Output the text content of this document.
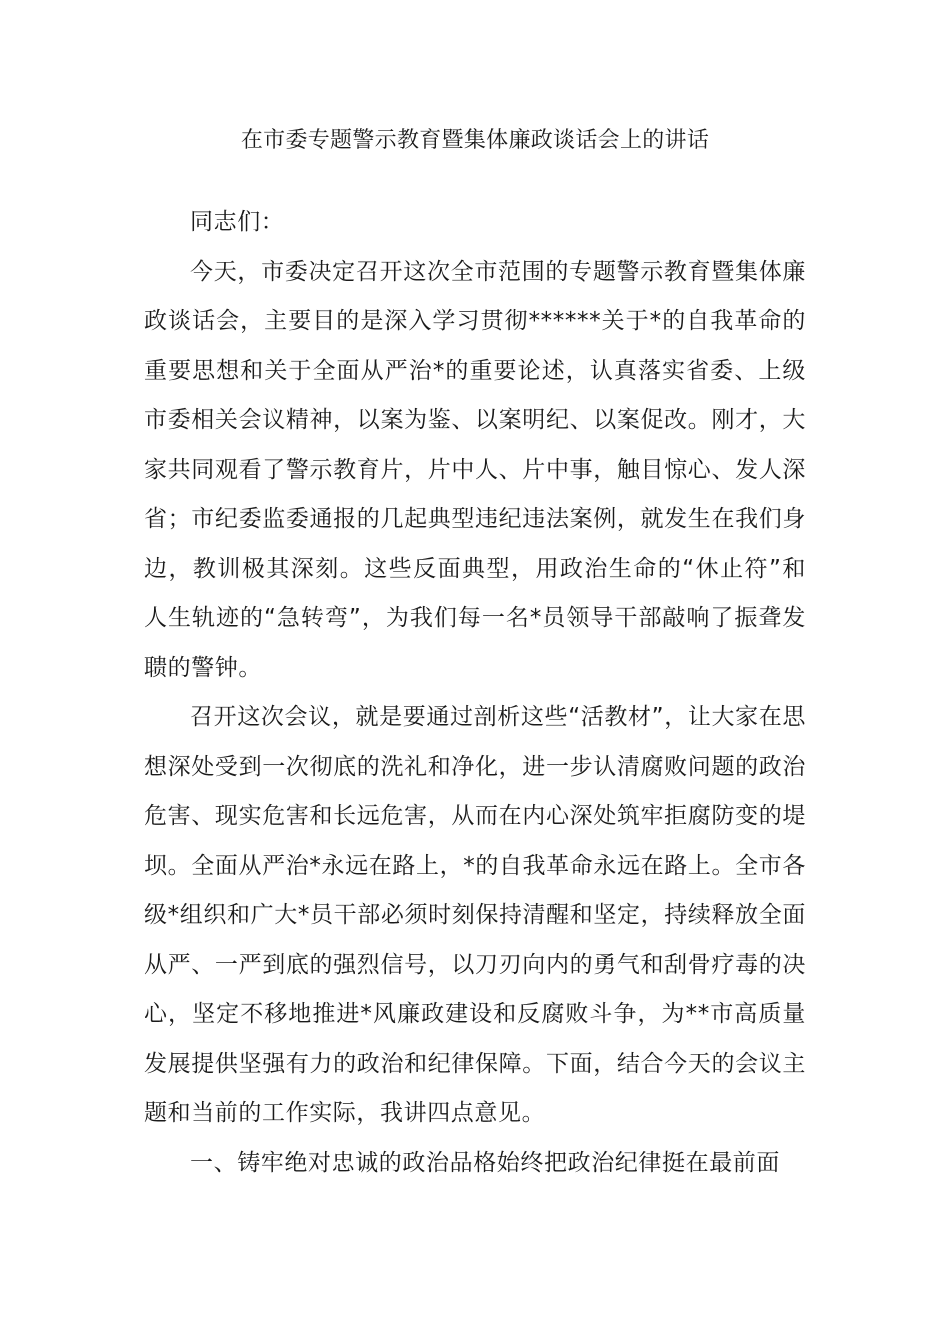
在市委专题警示教育暨集体廉政谈话会上的讲话

同志们：

今天，市委决定召开这次全市范围的专题警示教育暨集体廉政谈话会，主要目的是深入学习贯彻******关于*的自我革命的重要思想和关于全面从严治*的重要论述，认真落实省委、上级市委相关会议精神，以案为鉴、以案明纪、以案促改。刚才，大家共同观看了警示教育片，片中人、片中事，触目惊心、发人深省；市纪委监委通报的几起典型违纪违法案例，就发生在我们身边，教训极其深刻。这些反面典型，用政治生命的“休止符”和人生轨迹的“急转弯”，为我们每一名*员领导干部敲响了振聋发聩的警钟。

召开这次会议，就是要通过剖析这些“活教材”，让大家在思想深处受到一次彻底的洗礼和净化，进一步认清腐败问题的政治危害、现实危害和长远危害，从而在内心深处筑牢拒腐防变的堤坝。全面从严治*永远在路上，*的自我革命永远在路上。全市各级*组织和广大*员干部必须时刻保持清醒和坚定，持续释放全面从严、一严到底的强烈信号，以刀刃向内的勇气和刮骨疗毒的决心，坚定不移地推进*风廉政建设和反腐败斗争，为**市高质量发展提供坚强有力的政治和纪律保障。下面，结合今天的会议主题和当前的工作实际，我讲四点意见。

一、铸牢绝对忠诚的政治品格始终把政治纪律挺在最前面
